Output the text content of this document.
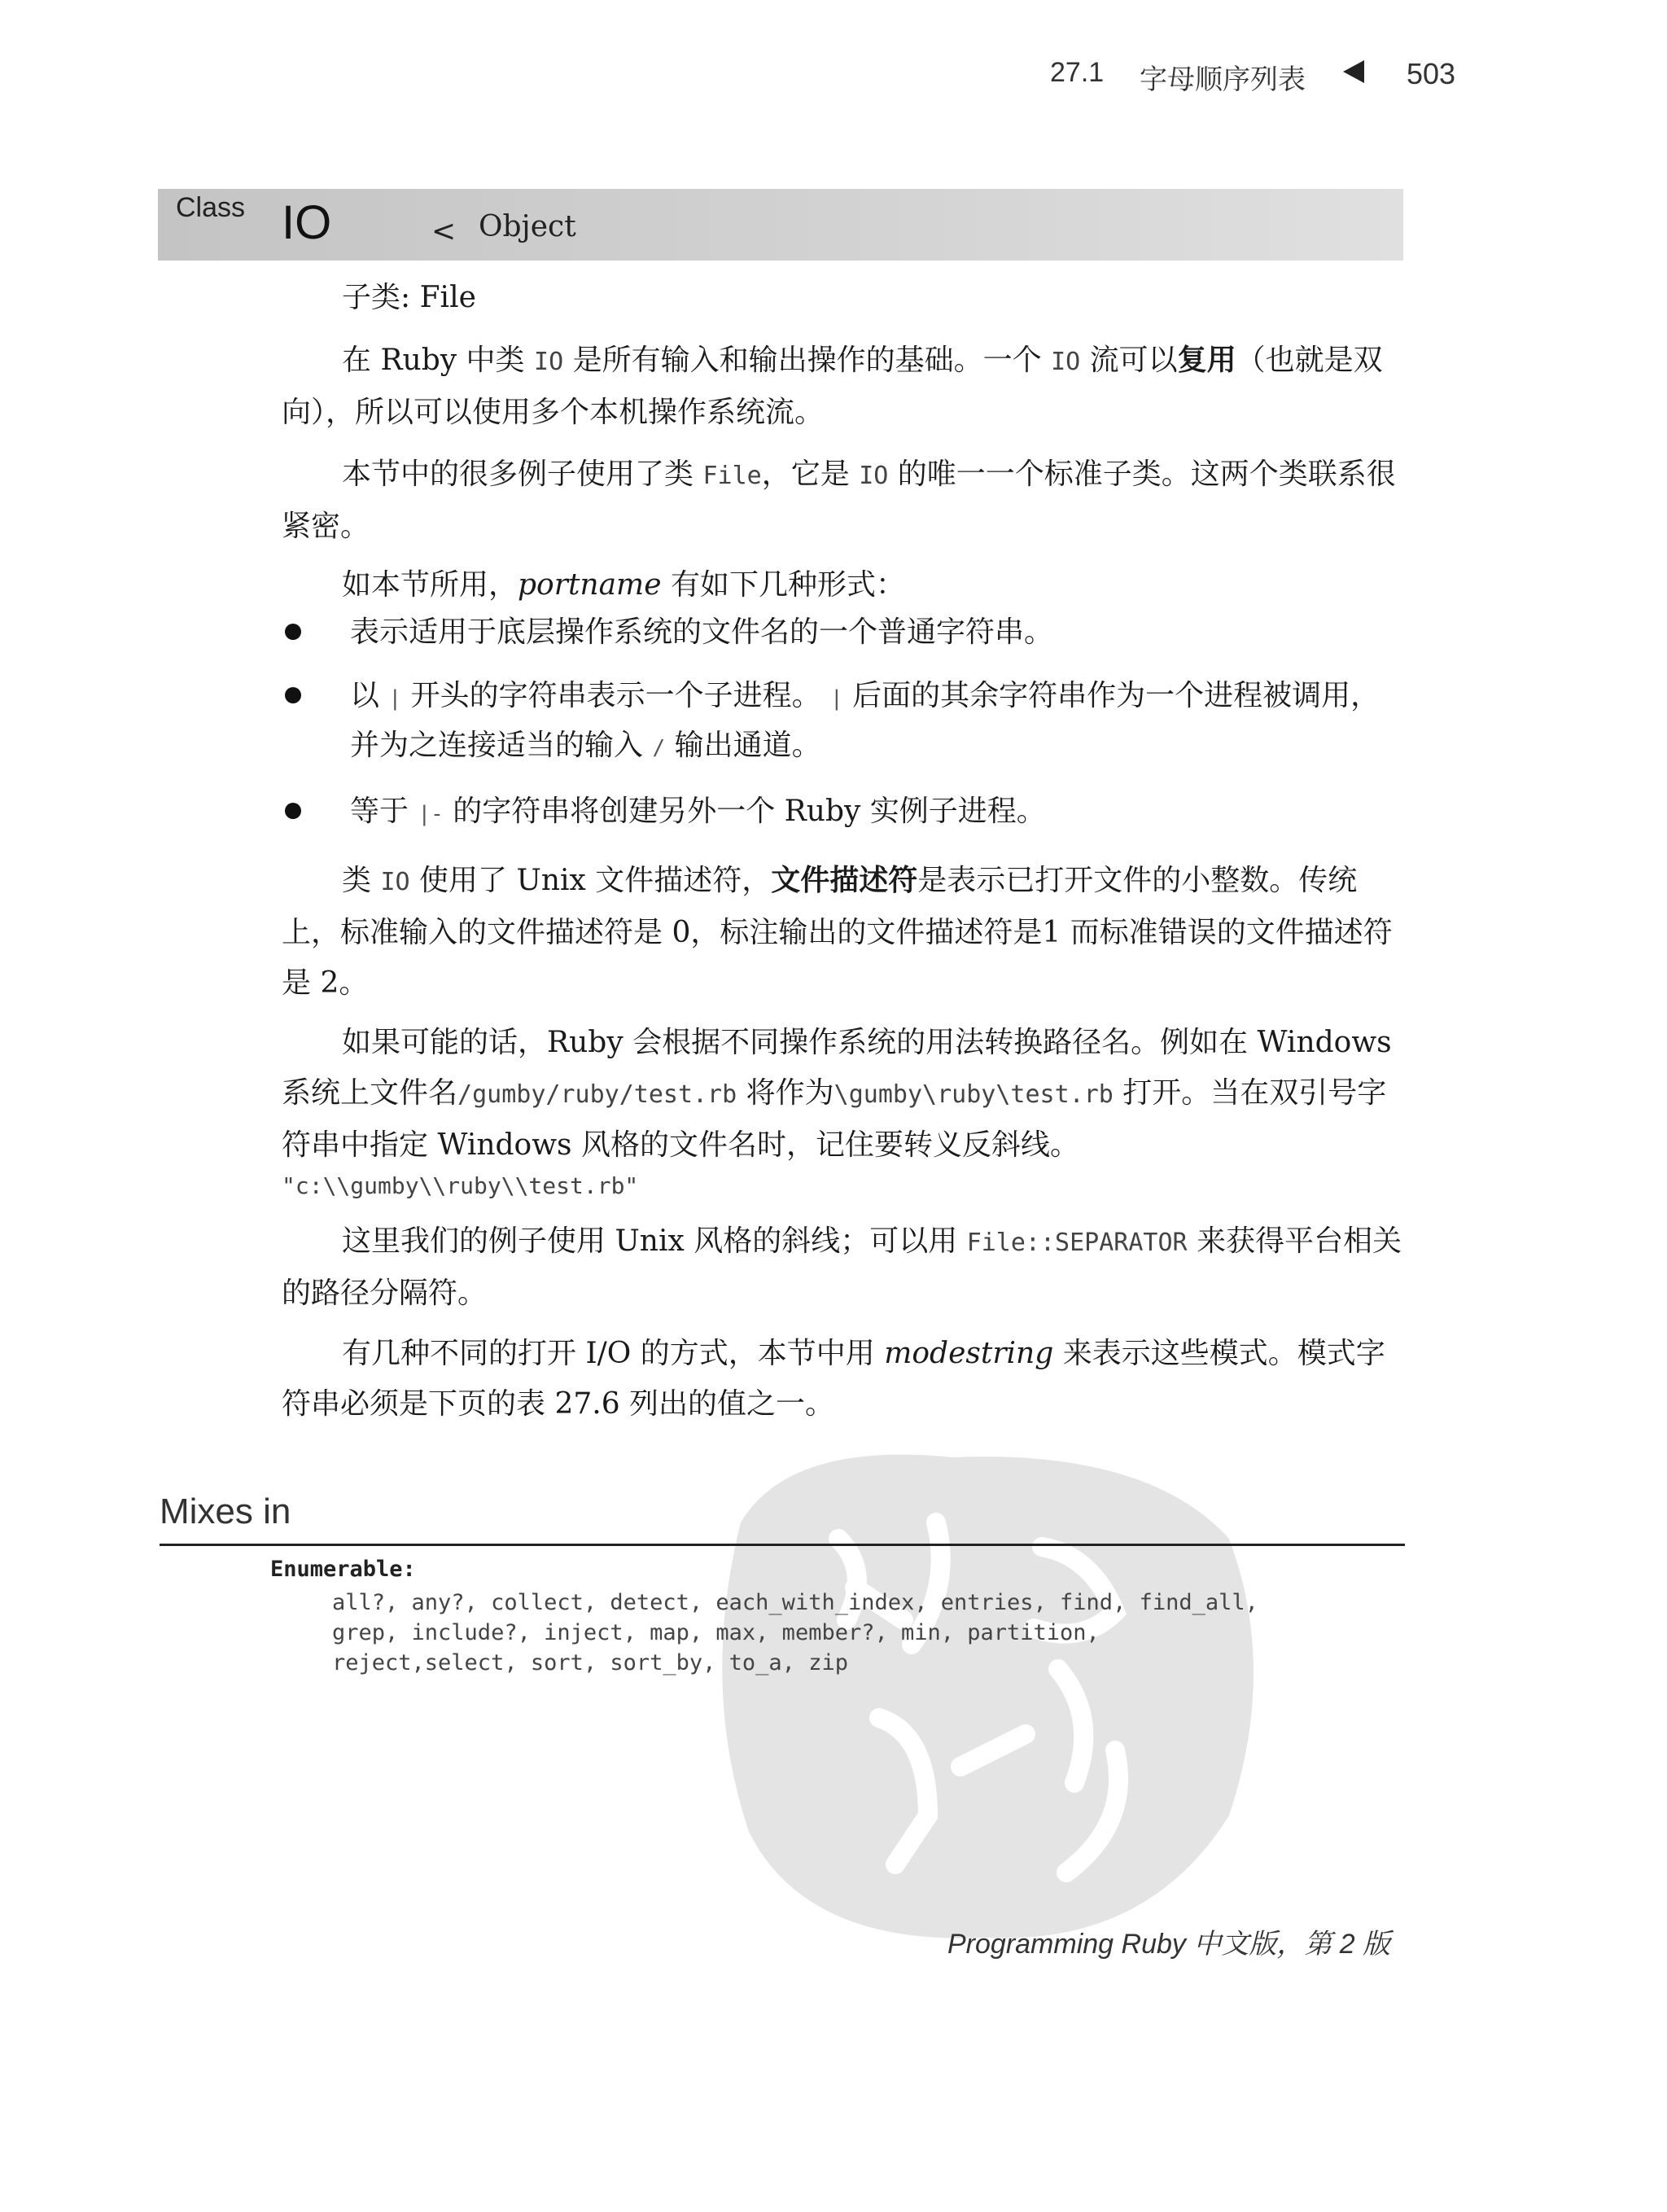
27.1 字母顺序列表	503
Class IO	< Object

子类: File

在 Ruby 中类 IO 是所有输入和输出操作的基础。一个 IO 流可以复用（也就是双向），所以可以使用多个本机操作系统流。

本节中的很多例子使用了类 File，它是 IO 的唯一一个标准子类。这两个类联系很紧密。

如本节所用，portname 有如下几种形式：

表示适用于底层操作系统的文件名的一个普通字符串。
以 | 开头的字符串表示一个子进程。 | 后面的其余字符串作为一个进程被调用，并为之连接适当的输入 / 输出通道。
等于 |- 的字符串将创建另外一个 Ruby 实例子进程。

类 IO 使用了 Unix 文件描述符，文件描述符是表示已打开文件的小整数。传统上，标准输入的文件描述符是 0，标注输出的文件描述符是1 而标准错误的文件描述符是 2。

如果可能的话，Ruby 会根据不同操作系统的用法转换路径名。例如在 Windows 系统上文件名/gumby/ruby/test.rb 将作为\gumby\ruby\test.rb 打开。当在双引号字符串中指定 Windows 风格的文件名时，记住要转义反斜线。

"c:\\gumby\\ruby\\test.rb"

这里我们的例子使用 Unix 风格的斜线；可以用 File::SEPARATOR 来获得平台相关的路径分隔符。

有几种不同的打开 I/O 的方式，本节中用 modestring 来表示这些模式。模式字符串必须是下页的表 27.6 列出的值之一。

Mixes in
Enumerable:
all?, any?, collect, detect, each_with_index, entries, find, find_all,
grep, include?, inject, map, max, member?, min, partition,
reject,select, sort, sort_by, to_a, zip
Programming Ruby 中文版，第 2 版
